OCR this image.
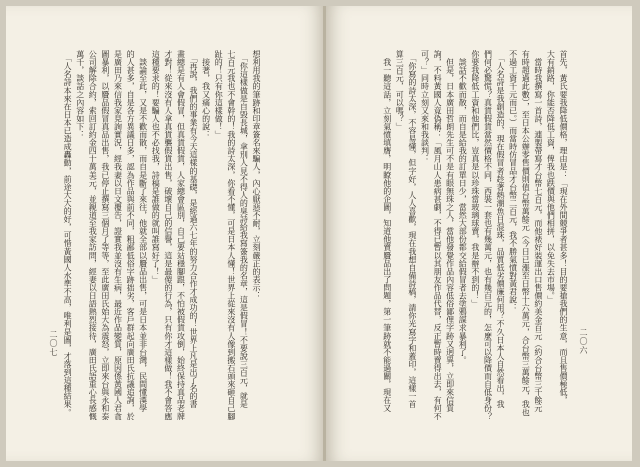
想利用我的筆跡和印章簽名來騙人，內心厭惡不耐，立刻嚴正的表示：
　「你這樣做是自毀長城，拿別人見不得人的臭詩給我寫簽我的名章，這是假冒！不要說三百元，就是
七百元我也不會幹的！我的詩太深，你看不懂，可是日本人懂！世界上從來沒有人像到搬石頭來砸自己腳
趾的！只有你這樣做！」
　接著，我又痛心的說：
　「再說，我們的事業有今天這樣的基礎，是經過六七年的努力合作才成功的！世界上凡是出了名的書
畫總是有人會假冒，但真貨假貨，人家總會區別，自己要站穩腳跟，不怕被假貨攻倒，始終保持真品老牌
才對！從來沒有人拿真貨襲假貨出售，破壞自己的信譽，這是最傻的行為，只有你才這樣做！我不會答應
這種要求的！要騙人也不必找我，詩稿是誰做的就叫誰寫好了！」
　談論至此，又是不歡而散，而自是斷了來往，他就全部以贗品出售，可是日本並非台灣，民間懂漢學
的人甚多，自是各方異議日多，認為作品與前不同，粗鄙低俗字跡拙劣，客戶群起向廣田氏抗議追詢，於
是廣田乃來信我家見詢實況，經我妻以日文覆告，證實我並沒有生病，最近作品變質，原因係黃國人君貪
圖暴利，以贗品假冒真品出售，我已停止撰寫三個月了等等，至此廣田氏始大為震怒，立即來台與永和泰
公司解除合約，索回訂約金四十萬美元，並親道至我家訪問，經妻以日語熱烈接待，廣田氏語重心長感慨
萬千，談話之內容如下：
　「人名詩本來在日本已造成轟動，前途大大的好，可惜黃國人水準不高，唯利是圖，才落到這種結果。
二〇七	首先，黃氏要我降低價格，理由是：「現在外間競爭者甚多！目的要搶我們的生意，而且售價極低，
大有銷路，你能否降低工資，俾我也跌價與他們相拼，以免失去市場。」
　當時我撰寫一首詩，連製帶寫才台幣七百元，而他裱好裝運出口售價約美金百元（約合台幣三千餘元
有時超過此數），至日本公辦零售價則值台幣萬餘元（今日已漲至日幣十六萬元，合台幣三萬餘元，我也
不過工資千元而已。）而當時仿冒品才台幣二百元，我不勝氣憤對黃君說：
　「人名詩是我創造的，現在假冒者趁著熱潮魚目混珠，品質低劣價廉何用？不久日本人自然看出，我
們何必驚慌？真貨假貨當然價格不同，西裝一套也有幾萬元，也有幾百元的，怎麼可以降價而自低身份？
你要我降低工資和他們比，豈真是以珍珠當玻璃球賣，我是辦不到的！」
　談話不歡而散，而自是給我的訂單日少，當然大部份都交給假冒者去塗鴉謀求暴利了。
　但是，日本廣田哲朗先生可不是有眼無珠之人，當他發覺作品內容低俗鄙俚字跡又迥異，立即來信質
詢，不料黃國人竟偽稱：「風月山人患病甚劇，不得已暫以其朋友作品代替，反正暫時賣得出去，有何不
可？」同時立刻又來和我談判：
　「你寫的詩太深，不容易懂，但字好，人人喜歡，現在我想自備詩稿，請你光寫字和蓋印，這樣一首
算三百元，可以嗎？」
　我一聽這話，立刻氣憤填膺，明瞭他的企圖，知道他賣贗品出了問題，第一筆跡就不能過關，現在又	二〇六
